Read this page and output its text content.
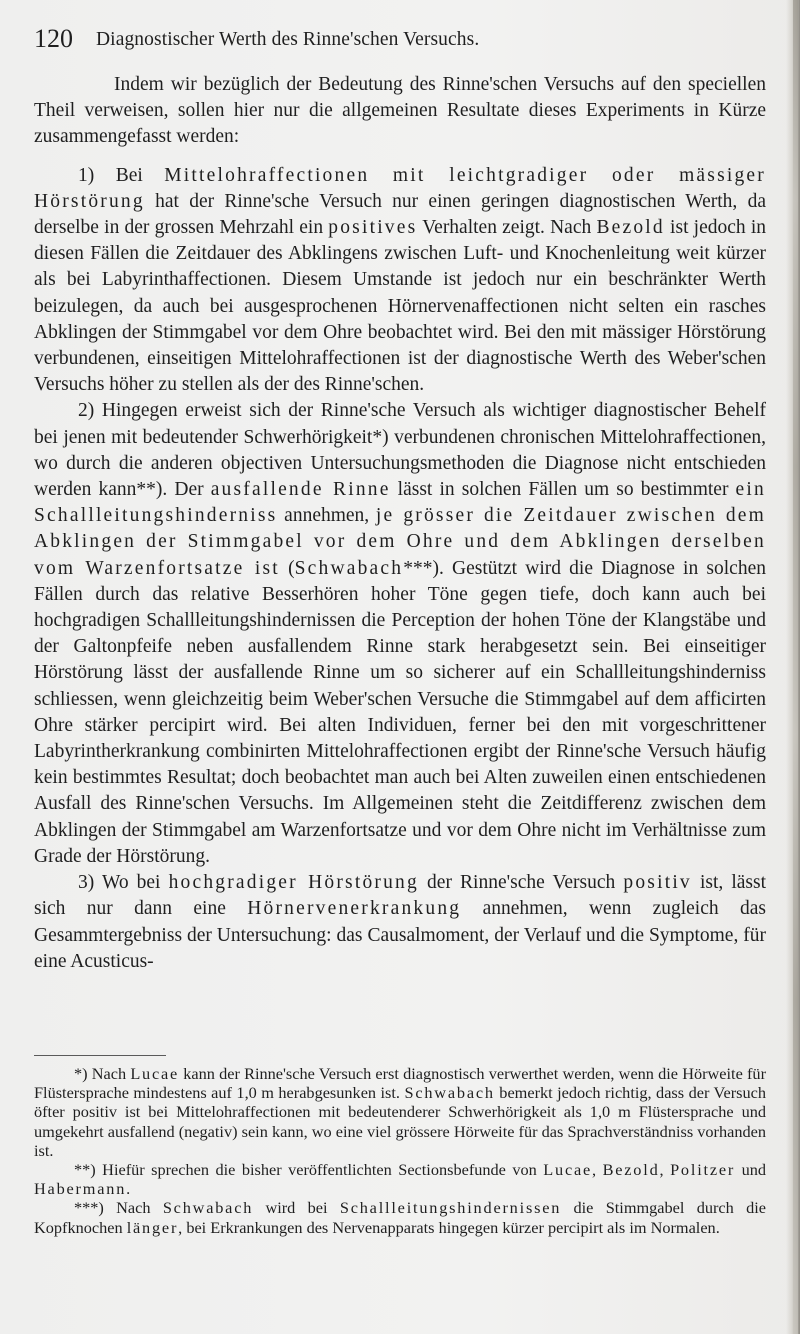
120 Diagnostischer Werth des Rinne'schen Versuchs.

Indem wir bezüglich der Bedeutung des Rinne'schen Versuchs auf den speciellen Theil verweisen, sollen hier nur die allgemeinen Resultate dieses Experiments in Kürze zusammengefasst werden:

1) Bei Mittelohraffectionen mit leichtgradiger oder mässiger Hörstörung hat der Rinne'sche Versuch nur einen geringen diagnostischen Werth, da derselbe in der grossen Mehrzahl ein positives Verhalten zeigt. Nach Bezold ist jedoch in diesen Fällen die Zeitdauer des Abklingens zwischen Luft- und Knochenleitung weit kürzer als bei Labyrinthaffectionen. Diesem Umstande ist jedoch nur ein beschränkter Werth beizulegen, da auch bei ausgesprochenen Hörnervenaffectionen nicht selten ein rasches Abklingen der Stimmgabel vor dem Ohre beobachtet wird. Bei den mit mässiger Hörstörung verbundenen, einseitigen Mittelohraffectionen ist der diagnostische Werth des Weber'schen Versuchs höher zu stellen als der des Rinne'schen.

2) Hingegen erweist sich der Rinne'sche Versuch als wichtiger diagnostischer Behelf bei jenen mit bedeutender Schwerhörigkeit*) verbundenen chronischen Mittelohraffectionen, wo durch die anderen objectiven Untersuchungsmethoden die Diagnose nicht entschieden werden kann**). Der ausfallende Rinne lässt in solchen Fällen um so bestimmter ein Schallleitungshinderniss annehmen, je grösser die Zeitdauer zwischen dem Abklingen der Stimmgabel vor dem Ohre und dem Abklingen derselben vom Warzenfortsatze ist (Schwabach***). Gestützt wird die Diagnose in solchen Fällen durch das relative Besserhören hoher Töne gegen tiefe, doch kann auch bei hochgradigen Schallleitungshindernissen die Perception der hohen Töne der Klangstäbe und der Galtonpfeife neben ausfallendem Rinne stark herabgesetzt sein. Bei einseitiger Hörstörung lässt der ausfallende Rinne um so sicherer auf ein Schallleitungshinderniss schliessen, wenn gleichzeitig beim Weber'schen Versuche die Stimmgabel auf dem afficirten Ohre stärker percipirt wird. Bei alten Individuen, ferner bei den mit vorgeschrittener Labyrintherkrankung combinirten Mittelohraffectionen ergibt der Rinne'sche Versuch häufig kein bestimmtes Resultat; doch beobachtet man auch bei Alten zuweilen einen entschiedenen Ausfall des Rinne'schen Versuchs. Im Allgemeinen steht die Zeitdifferenz zwischen dem Abklingen der Stimmgabel am Warzenfortsatze und vor dem Ohre nicht im Verhältnisse zum Grade der Hörstörung.

3) Wo bei hochgradiger Hörstörung der Rinne'sche Versuch positiv ist, lässt sich nur dann eine Hörnervenerkrankung annehmen, wenn zugleich das Gesammtergebniss der Untersuchung: das Causalmoment, der Verlauf und die Symptome, für eine Acusticus-

*) Nach Lucae kann der Rinne'sche Versuch erst diagnostisch verwerthet werden, wenn die Hörweite für Flüstersprache mindestens auf 1,0 m herabgesunken ist. Schwabach bemerkt jedoch richtig, dass der Versuch öfter positiv ist bei Mittelohraffectionen mit bedeutenderer Schwerhörigkeit als 1,0 m Flüstersprache und umgekehrt ausfallend (negativ) sein kann, wo eine viel grössere Hörweite für das Sprachverständniss vorhanden ist.

**) Hiefür sprechen die bisher veröffentlichten Sectionsbefunde von Lucae, Bezold, Politzer und Habermann.

***) Nach Schwabach wird bei Schallleitungshindernissen die Stimmgabel durch die Kopfknochen länger, bei Erkrankungen des Nervenapparats hingegen kürzer percipirt als im Normalen.
